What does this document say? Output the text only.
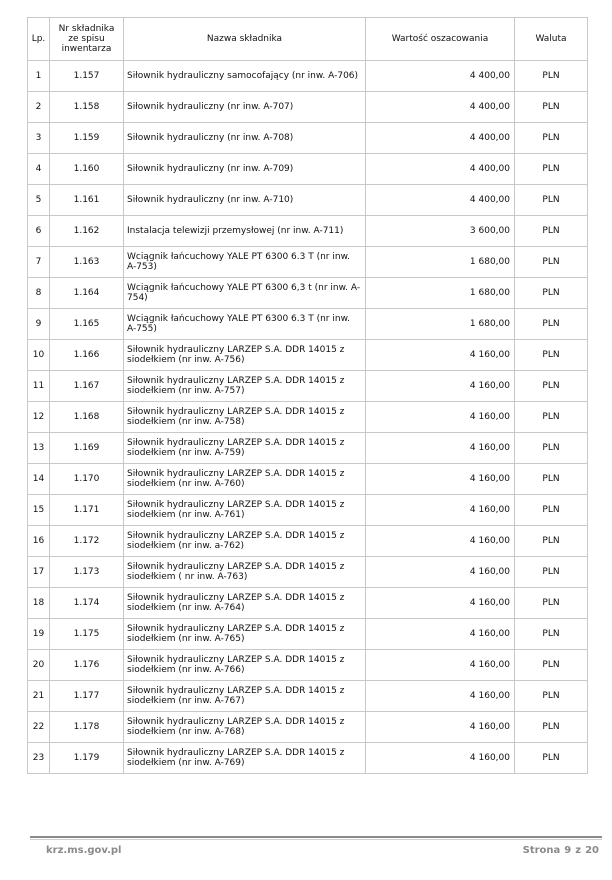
Lp.	Nr składnika ze spisu inwentarza	Nazwa składnika	Wartość oszacowania	Waluta
1	1.157	Siłownik hydrauliczny samocofający (nr inw. A-706)	4 400,00	PLN
2	1.158	Siłownik hydrauliczny (nr inw. A-707)	4 400,00	PLN
3	1.159	Siłownik hydrauliczny (nr inw. A-708)	4 400,00	PLN
4	1.160	Siłownik hydrauliczny (nr inw. A-709)	4 400,00	PLN
5	1.161	Siłownik hydrauliczny (nr inw. A-710)	4 400,00	PLN
6	1.162	Instalacja telewizji przemysłowej (nr inw. A-711)	3 600,00	PLN
7	1.163	Wciągnik łańcuchowy YALE PT 6300 6.3 T (nr inw. A-753)	1 680,00	PLN
8	1.164	Wciągnik łańcuchowy YALE PT 6300 6,3 t (nr inw. A-754)	1 680,00	PLN
9	1.165	Wciągnik łańcuchowy YALE PT 6300 6.3 T (nr inw. A-755)	1 680,00	PLN
10	1.166	Siłownik hydrauliczny LARZEP S.A. DDR 14015 z siodełkiem (nr inw. A-756)	4 160,00	PLN
11	1.167	Siłownik hydrauliczny LARZEP S.A. DDR 14015 z siodełkiem (nr inw. A-757)	4 160,00	PLN
12	1.168	Siłownik hydrauliczny LARZEP S.A. DDR 14015 z siodełkiem (nr inw. A-758)	4 160,00	PLN
13	1.169	Siłownik hydrauliczny LARZEP S.A. DDR 14015 z siodełkiem (nr inw. A-759)	4 160,00	PLN
14	1.170	Siłownik hydrauliczny LARZEP S.A. DDR 14015 z siodełkiem (nr inw. A-760)	4 160,00	PLN
15	1.171	Siłownik hydrauliczny LARZEP S.A. DDR 14015 z siodełkiem (nr inw. A-761)	4 160,00	PLN
16	1.172	Siłownik hydrauliczny LARZEP S.A. DDR 14015 z siodełkiem (nr inw. a-762)	4 160,00	PLN
17	1.173	Siłownik hydrauliczny LARZEP S.A. DDR 14015 z siodełkiem ( nr inw. A-763)	4 160,00	PLN
18	1.174	Siłownik hydrauliczny LARZEP S.A. DDR 14015 z siodełkiem (nr inw. A-764)	4 160,00	PLN
19	1.175	Siłownik hydrauliczny LARZEP S.A. DDR 14015 z siodełkiem (nr inw. A-765)	4 160,00	PLN
20	1.176	Siłownik hydrauliczny LARZEP S.A. DDR 14015 z siodełkiem (nr inw. A-766)	4 160,00	PLN
21	1.177	Siłownik hydrauliczny LARZEP S.A. DDR 14015 z siodełkiem (nr inw. A-767)	4 160,00	PLN
22	1.178	Siłownik hydrauliczny LARZEP S.A. DDR 14015 z siodełkiem (nr inw. A-768)	4 160,00	PLN
23	1.179	Siłownik hydrauliczny LARZEP S.A. DDR 14015 z siodełkiem (nr inw. A-769)	4 160,00	PLN
krz.ms.gov.pl	Strona 9 z 20
